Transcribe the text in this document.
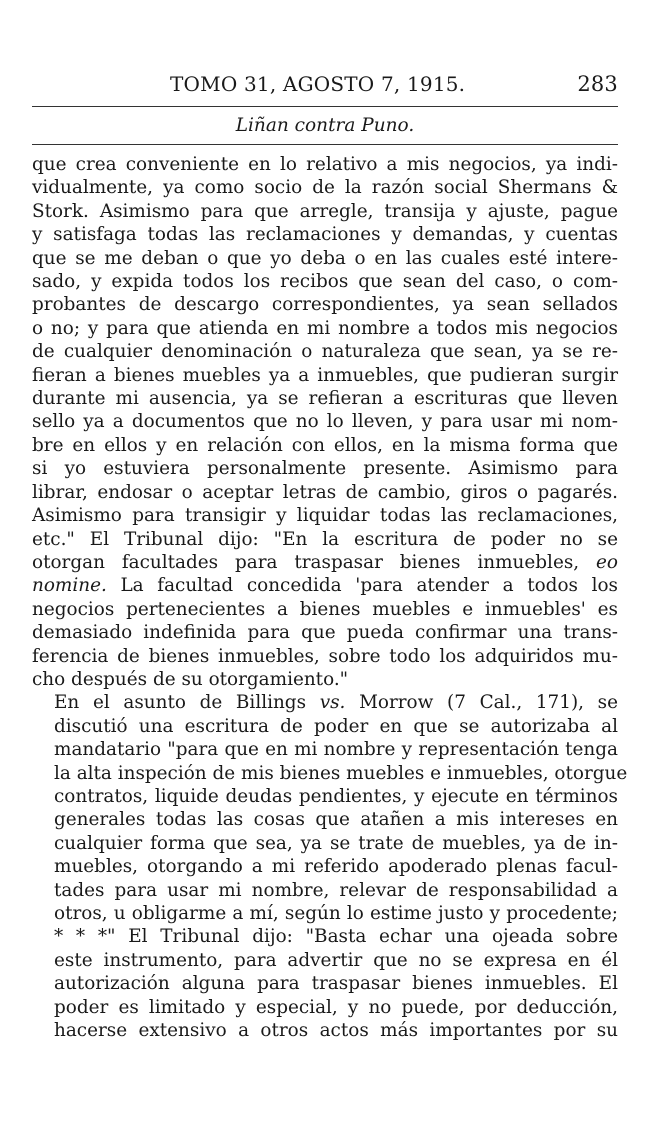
TOMO 31, AGOSTO 7, 1915.	283
Liñan contra Puno.

que crea conveniente en lo relativo a mis negocios, ya indi-
vidualmente, ya como socio de la razón social Shermans &
Stork. Asimismo para que arregle, transija y ajuste, pague
y satisfaga todas las reclamaciones y demandas, y cuentas
que se me deban o que yo deba o en las cuales esté intere-
sado, y expida todos los recibos que sean del caso, o com-
probantes de descargo correspondientes, ya sean sellados
o no; y para que atienda en mi nombre a todos mis negocios
de cualquier denominación o naturaleza que sean, ya se re-
fieran a bienes muebles ya a inmuebles, que pudieran surgir
durante mi ausencia, ya se refieran a escrituras que lleven
sello ya a documentos que no lo lleven, y para usar mi nom-
bre en ellos y en relación con ellos, en la misma forma que
si yo estuviera personalmente presente. Asimismo para
librar, endosar o aceptar letras de cambio, giros o pagarés.
Asimismo para transigir y liquidar todas las reclamaciones,
etc." El Tribunal dijo: "En la escritura de poder no se
otorgan facultades para traspasar bienes inmuebles, eo
nomine. La facultad concedida 'para atender a todos los
negocios pertenecientes a bienes muebles e inmuebles' es
demasiado indefinida para que pueda confirmar una trans-
ferencia de bienes inmuebles, sobre todo los adquiridos mu-
cho después de su otorgamiento."

En el asunto de Billings vs. Morrow (7 Cal., 171), se
discutió una escritura de poder en que se autorizaba al
mandatario "para que en mi nombre y representación tenga
la alta inspeción de mis bienes muebles e inmuebles, otorgue
contratos, liquide deudas pendientes, y ejecute en términos
generales todas las cosas que atañen a mis intereses en
cualquier forma que sea, ya se trate de muebles, ya de in-
muebles, otorgando a mi referido apoderado plenas facul-
tades para usar mi nombre, relevar de responsabilidad a
otros, u obligarme a mí, según lo estime justo y procedente;
* * *" El Tribunal dijo: "Basta echar una ojeada sobre
este instrumento, para advertir que no se expresa en él
autorización alguna para traspasar bienes inmuebles. El
poder es limitado y especial, y no puede, por deducción,
hacerse extensivo a otros actos más importantes por su
